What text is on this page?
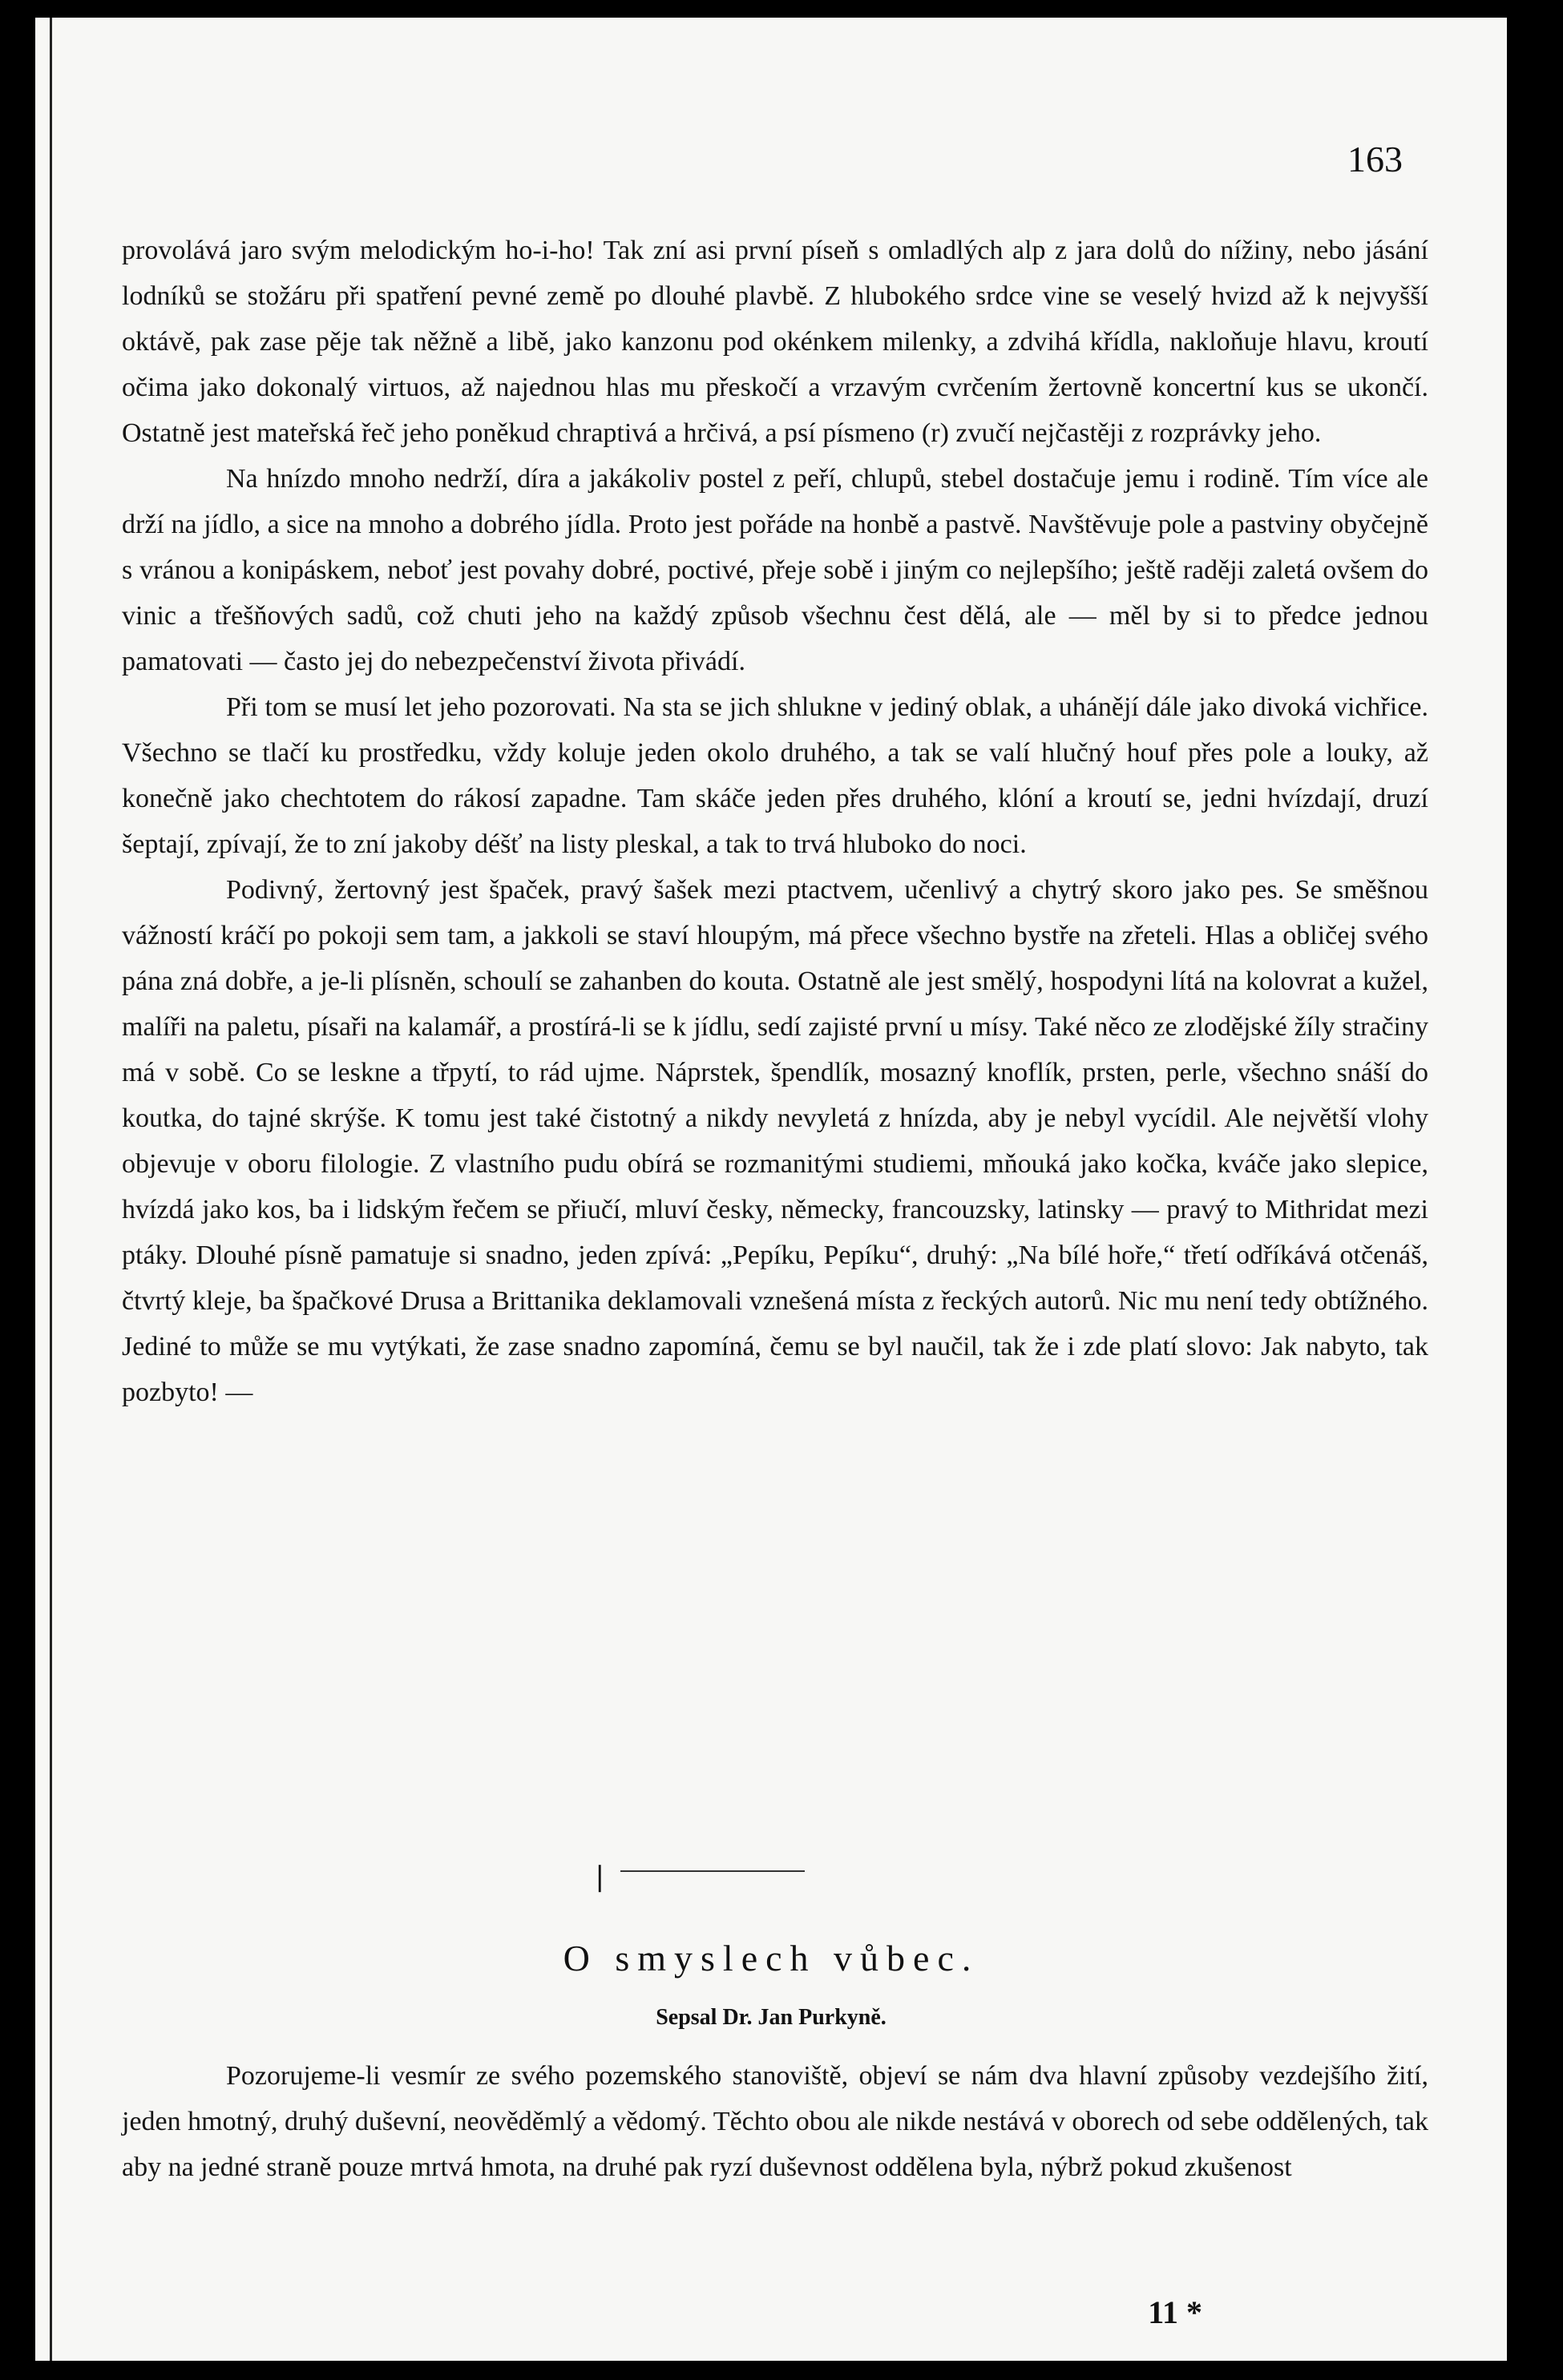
163

provolává jaro svým melodickým ho-i-ho! Tak zní asi první píseň s omladlých alp z jara dolů do nížiny, nebo jásání lodníků se stožáru při spatření pevné země po dlouhé plavbě. Z hlubokého srdce vine se veselý hvizd až k nejvyšší oktávě, pak zase pěje tak něžně a libě, jako kanzonu pod okénkem milenky, a zdvihá křídla, nakloňuje hlavu, kroutí očima jako dokonalý virtuos, až najednou hlas mu přeskočí a vrzavým cvrčením žertovně koncertní kus se ukončí. Ostatně jest mateřská řeč jeho poněkud chraptivá a hrčivá, a psí písmeno (r) zvučí nejčastěji z rozprávky jeho.

Na hnízdo mnoho nedrží, díra a jakákoliv postel z peří, chlupů, stebel dostačuje jemu i rodině. Tím více ale drží na jídlo, a sice na mnoho a dobrého jídla. Proto jest pořáde na honbě a pastvě. Navštěvuje pole a pastviny obyčejně s vránou a konipáskem, neboť jest povahy dobré, poctivé, přeje sobě i jiným co nejlepšího; ještě raději zaletá ovšem do vinic a třešňových sadů, což chuti jeho na každý způsob všechnu čest dělá, ale — měl by si to předce jednou pamatovati — často jej do nebezpečenství života přivádí.

Při tom se musí let jeho pozorovati. Na sta se jich shlukne v jediný oblak, a uhánějí dále jako divoká vichřice. Všechno se tlačí ku prostředku, vždy koluje jeden okolo druhého, a tak se valí hlučný houf přes pole a louky, až konečně jako chechtotem do rákosí zapadne. Tam skáče jeden přes druhého, klóní a kroutí se, jedni hvízdají, druzí šeptají, zpívají, že to zní jakoby déšť na listy pleskal, a tak to trvá hluboko do noci.

Podivný, žertovný jest špaček, pravý šašek mezi ptactvem, učenlivý a chytrý skoro jako pes. Se směšnou vážností kráčí po pokoji sem tam, a jakkoli se staví hloupým, má přece všechno bystře na zřeteli. Hlas a obličej svého pána zná dobře, a je-li plísněn, schoulí se zahanben do kouta. Ostatně ale jest smělý, hospodyni lítá na kolovrat a kužel, malíři na paletu, písaři na kalamář, a prostírá-li se k jídlu, sedí zajisté první u mísy. Také něco ze zlodějské žíly stračiny má v sobě. Co se leskne a třpytí, to rád ujme. Náprstek, špendlík, mosazný knoflík, prsten, perle, všechno snáší do koutka, do tajné skrýše. K tomu jest také čistotný a nikdy nevyletá z hnízda, aby je nebyl vycídil. Ale největší vlohy objevuje v oboru filologie. Z vlastního pudu obírá se rozmanitými studiemi, mňouká jako kočka, kváče jako slepice, hvízdá jako kos, ba i lidským řečem se přiučí, mluví česky, německy, francouzsky, latinsky — pravý to Mithridat mezi ptáky. Dlouhé písně pamatuje si snadno, jeden zpívá: „Pepíku, Pepíku“, druhý: „Na bílé hoře,“ třetí odříkává otčenáš, čtvrtý kleje, ba špačkové Drusa a Brittanika deklamovali vznešená místa z řeckých autorů. Nic mu není tedy obtížného. Jediné to může se mu vytýkati, že zase snadno zapomíná, čemu se byl naučil, tak že i zde platí slovo: Jak nabyto, tak pozbyto! —

❘
O smyslech vůbec.
Sepsal Dr. Jan Purkyně.

Pozorujeme-li vesmír ze svého pozemského stanoviště, objeví se nám dva hlavní způsoby vezdejšího žití, jeden hmotný, druhý duševní, neověděmlý a vědomý. Těchto obou ale nikde nestává v oborech od sebe oddělených, tak aby na jedné straně pouze mrtvá hmota, na druhé pak ryzí duševnost oddělena byla, nýbrž pokud zkušenost

11 *
